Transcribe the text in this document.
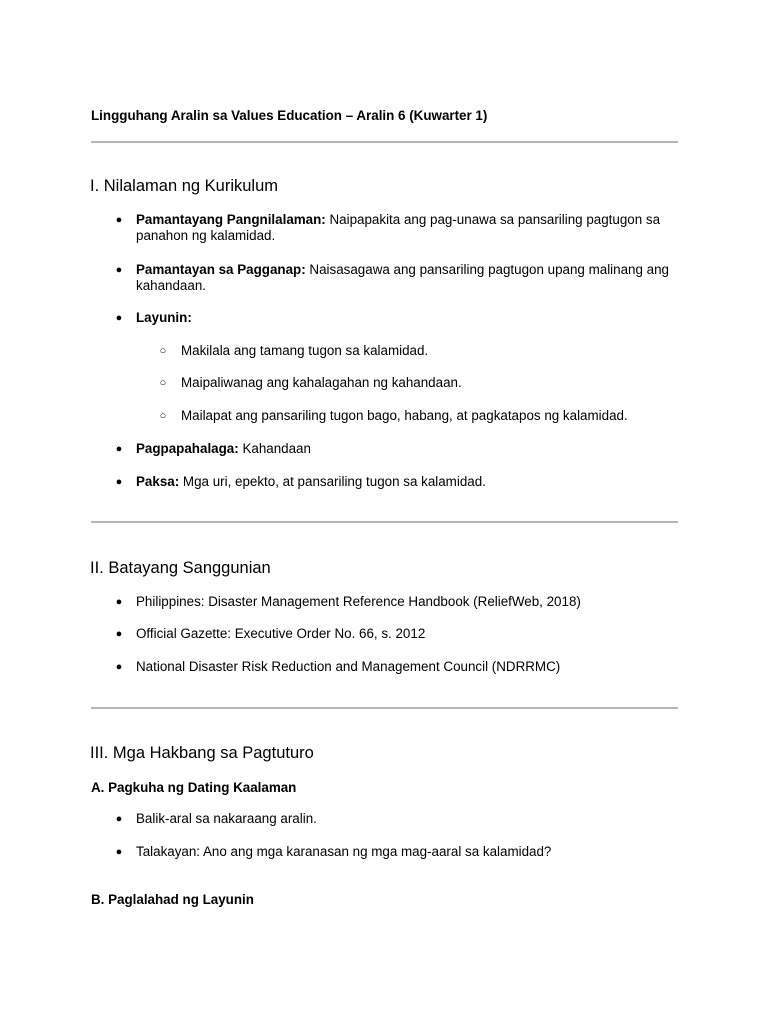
Lingguhang Aralin sa Values Education – Aralin 6 (Kuwarter 1)
I. Nilalaman ng Kurikulum
● Pamantayang Pangnilalaman: Naipapakita ang pag-unawa sa pansariling pagtugon sa panahon ng kalamidad.
● Pamantayan sa Pagganap: Naisasagawa ang pansariling pagtugon upang malinang ang kahandaan.
● Layunin:
○ Makilala ang tamang tugon sa kalamidad.
○ Maipaliwanag ang kahalagahan ng kahandaan.
○ Mailapat ang pansariling tugon bago, habang, at pagkatapos ng kalamidad.
● Pagpapahalaga: Kahandaan
● Paksa: Mga uri, epekto, at pansariling tugon sa kalamidad.
II. Batayang Sanggunian
● Philippines: Disaster Management Reference Handbook (ReliefWeb, 2018)
● Official Gazette: Executive Order No. 66, s. 2012
● National Disaster Risk Reduction and Management Council (NDRRMC)
III. Mga Hakbang sa Pagtuturo
A. Pagkuha ng Dating Kaalaman
● Balik-aral sa nakaraang aralin.
● Talakayan: Ano ang mga karanasan ng mga mag-aaral sa kalamidad?
B. Paglalahad ng Layunin
